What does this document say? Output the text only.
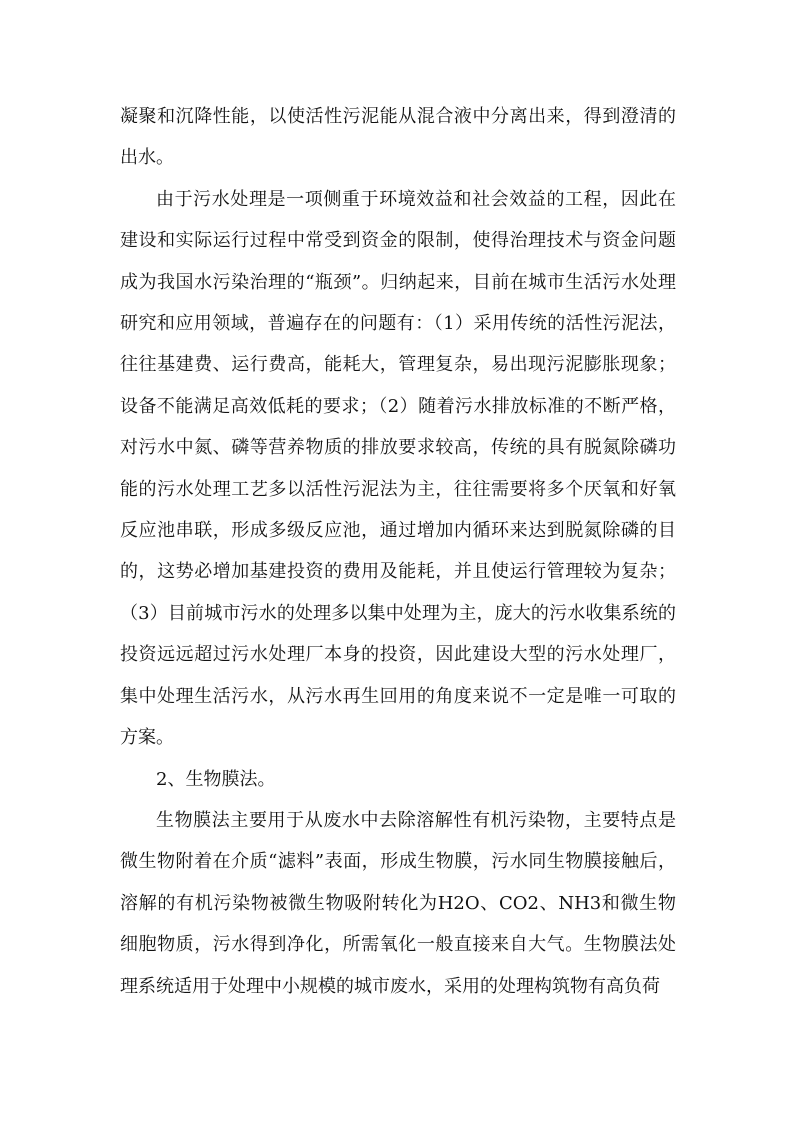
凝聚和沉降性能，以使活性污泥能从混合液中分离出来，得到澄清的出水。

由于污水处理是一项侧重于环境效益和社会效益的工程，因此在建设和实际运行过程中常受到资金的限制，使得治理技术与资金问题成为我国水污染治理的“瓶颈”。归纳起来，目前在城市生活污水处理研究和应用领域，普遍存在的问题有：（1）采用传统的活性污泥法，往往基建费、运行费高，能耗大，管理复杂，易出现污泥膨胀现象；设备不能满足高效低耗的要求；（2）随着污水排放标准的不断严格，对污水中氮、磷等营养物质的排放要求较高，传统的具有脱氮除磷功能的污水处理工艺多以活性污泥法为主，往往需要将多个厌氧和好氧反应池串联，形成多级反应池，通过增加内循环来达到脱氮除磷的目的，这势必增加基建投资的费用及能耗，并且使运行管理较为复杂；（3）目前城市污水的处理多以集中处理为主，庞大的污水收集系统的投资远远超过污水处理厂本身的投资，因此建设大型的污水处理厂，集中处理生活污水，从污水再生回用的角度来说不一定是唯一可取的方案。

2、生物膜法。

生物膜法主要用于从废水中去除溶解性有机污染物，主要特点是微生物附着在介质“滤料”表面，形成生物膜，污水同生物膜接触后，溶解的有机污染物被微生物吸附转化为H2O、CO2、NH3和微生物细胞物质，污水得到净化，所需氧化一般直接来自大气。生物膜法处理系统适用于处理中小规模的城市废水，采用的处理构筑物有高负荷
